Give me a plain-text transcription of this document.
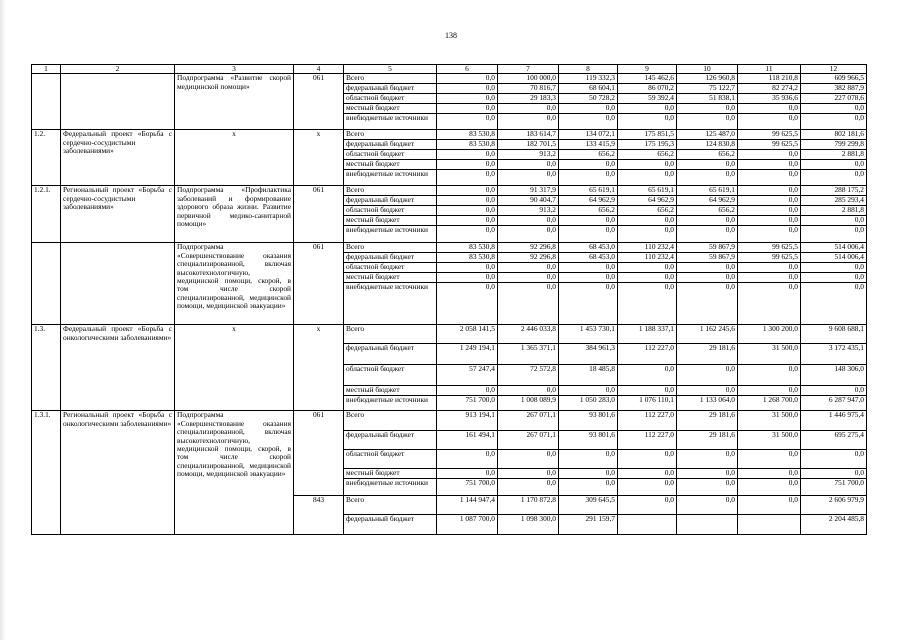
138
1	2	3	4	5	6	7	8	9	10	11	12
		Подпрограмма «Развитие скорой медицинской помощи»	061	Всего	0,0	100 000,0	119 332,3	145 462,6	126 960,8	118 210,8	609 966,5
				федеральный бюджет	0,0	70 816,7	68 604,1	86 070,2	75 122,7	82 274,2	382 887,9
				областной бюджет	0,0	29 183,3	50 728,2	59 392,4	51 838,1	35 936,6	227 078,6
				местный бюджет	0,0	0,0	0,0	0,0	0,0	0,0	0,0
				внебюджетные источники	0,0	0,0	0,0	0,0	0,0	0,0	0,0
1.2.	Федеральный проект «Борьба с сердечно-сосудистыми заболеваниями»	х	х	Всего	83 530,8	183 614,7	134 072,1	175 851,5	125 487,0	99 625,5	802 181,6
				федеральный бюджет	83 530,8	182 701,5	133 415,9	175 195,3	124 830,8	99 625,5	799 299,8
				областной бюджет	0,0	913,2	656,2	656,2	656,2	0,0	2 881,8
				местный бюджет	0,0	0,0	0,0	0,0	0,0	0,0	0,0
				внебюджетные источники	0,0	0,0	0,0	0,0	0,0	0,0	0,0
1.2.1.	Региональный проект «Борьба с сердечно-сосудистыми заболеваниями»	Подпрограмма «Профилактика заболеваний и формирование здорового образа жизни. Развитие первичной медико-санитарной помощи»	061	Всего	0,0	91 317,9	65 619,1	65 619,1	65 619,1	0,0	288 175,2
				федеральный бюджет	0,0	90 404,7	64 962,9	64 962,9	64 962,9	0,0	285 293,4
				областной бюджет	0,0	913,2	656,2	656,2	656,2	0,0	2 881,8
				местный бюджет	0,0	0,0	0,0	0,0	0,0	0,0	0,0
				внебюджетные источники	0,0	0,0	0,0	0,0	0,0	0,0	0,0
		Подпрограмма «Совершенствование оказания специализированной, включая высокотехнологичную, медицинской помощи, скорой, в том числе скорой специализированной, медицинской помощи, медицинской эвакуации»	061	Всего	83 530,8	92 296,8	68 453,0	110 232,4	59 867,9	99 625,5	514 006,4
				федеральный бюджет	83 530,8	92 296,8	68 453,0	110 232,4	59 867,9	99 625,5	514 006,4
				областной бюджет	0,0	0,0	0,0	0,0	0,0	0,0	0,0
				местный бюджет	0,0	0,0	0,0	0,0	0,0	0,0	0,0
				внебюджетные источники	0,0	0,0	0,0	0,0	0,0	0,0	0,0
1.3.	Федеральный проект «Борьба с онкологическими заболеваниями»	х	х	Всего	2 058 141,5	2 446 033,8	1 453 730,1	1 188 337,1	1 162 245,6	1 300 200,0	9 608 688,1
				федеральный бюджет	1 249 194,1	1 365 371,1	384 961,3	112 227,0	29 181,6	31 500,0	3 172 435,1
				областной бюджет	57 247,4	72 572,8	18 485,8	0,0	0,0	0,0	148 306,0
				местный бюджет	0,0	0,0	0,0	0,0	0,0	0,0	0,0
				внебюджетные источники	751 700,0	1 008 089,9	1 050 283,0	1 076 110,1	1 133 064,0	1 268 700,0	6 287 947,0
1.3.1.	Региональный проект «Борьба с онкологическими заболеваниями»	Подпрограмма «Совершенствование оказания специализированной, включая высокотехнологичную, медицинской помощи, скорой, в том числе скорой специализированной, медицинской помощи, медицинской эвакуации»	061	Всего	913 194,1	267 071,1	93 801,6	112 227,0	29 181,6	31 500,0	1 446 975,4
				федеральный бюджет	161 494,1	267 071,1	93 801,6	112 227,0	29 181,6	31 500,0	695 275,4
				областной бюджет	0,0	0,0	0,0	0,0	0,0	0,0	0,0
				местный бюджет	0,0	0,0	0,0	0,0	0,0	0,0	0,0
				внебюджетные источники	751 700,0	0,0	0,0	0,0	0,0	0,0	751 700,0
			843	Всего	1 144 947,4	1 170 872,8	309 645,5	0,0	0,0	0,0	2 606 979,9
				федеральный бюджет	1 087 700,0	1 098 300,0	291 159,7				2 204 485,8
